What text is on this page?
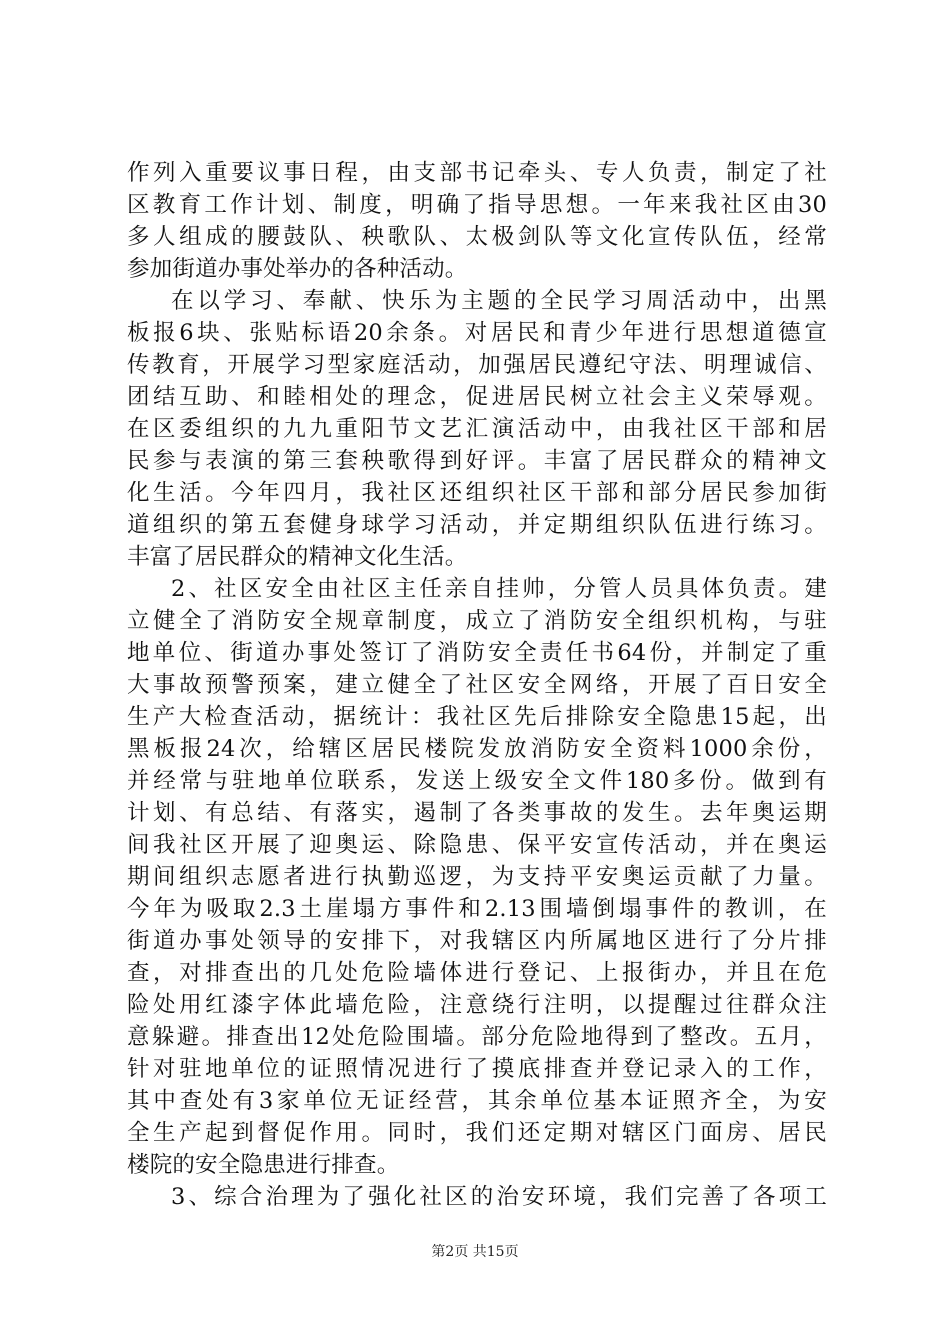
作列入重要议事日程，由支部书记牵头、专人负责，制定了社
区教育工作计划、制度，明确了指导思想。一年来我社区由30
多人组成的腰鼓队、秧歌队、太极剑队等文化宣传队伍，经常
参加街道办事处举办的各种活动。
在以学习、奉献、快乐为主题的全民学习周活动中，出黑
板报6块、张贴标语20余条。对居民和青少年进行思想道德宣
传教育，开展学习型家庭活动，加强居民遵纪守法、明理诚信、
团结互助、和睦相处的理念，促进居民树立社会主义荣辱观。
在区委组织的九九重阳节文艺汇演活动中，由我社区干部和居
民参与表演的第三套秧歌得到好评。丰富了居民群众的精神文
化生活。今年四月，我社区还组织社区干部和部分居民参加街
道组织的第五套健身球学习活动，并定期组织队伍进行练习。
丰富了居民群众的精神文化生活。
2、社区安全由社区主任亲自挂帅，分管人员具体负责。建
立健全了消防安全规章制度，成立了消防安全组织机构，与驻
地单位、街道办事处签订了消防安全责任书64份，并制定了重
大事故预警预案，建立健全了社区安全网络，开展了百日安全
生产大检查活动，据统计：我社区先后排除安全隐患15起，出
黑板报24次，给辖区居民楼院发放消防安全资料1000余份，
并经常与驻地单位联系，发送上级安全文件180多份。做到有
计划、有总结、有落实，遏制了各类事故的发生。去年奥运期
间我社区开展了迎奥运、除隐患、保平安宣传活动，并在奥运
期间组织志愿者进行执勤巡逻，为支持平安奥运贡献了力量。
今年为吸取2.3土崖塌方事件和2.13围墙倒塌事件的教训，在
街道办事处领导的安排下，对我辖区内所属地区进行了分片排
查，对排查出的几处危险墙体进行登记、上报街办，并且在危
险处用红漆字体此墙危险，注意绕行注明，以提醒过往群众注
意躲避。排查出12处危险围墙。部分危险地得到了整改。五月，
针对驻地单位的证照情况进行了摸底排查并登记录入的工作，
其中查处有3家单位无证经营，其余单位基本证照齐全，为安
全生产起到督促作用。同时，我们还定期对辖区门面房、居民
楼院的安全隐患进行排查。
3、综合治理为了强化社区的治安环境，我们完善了各项工
第2页 共15页
